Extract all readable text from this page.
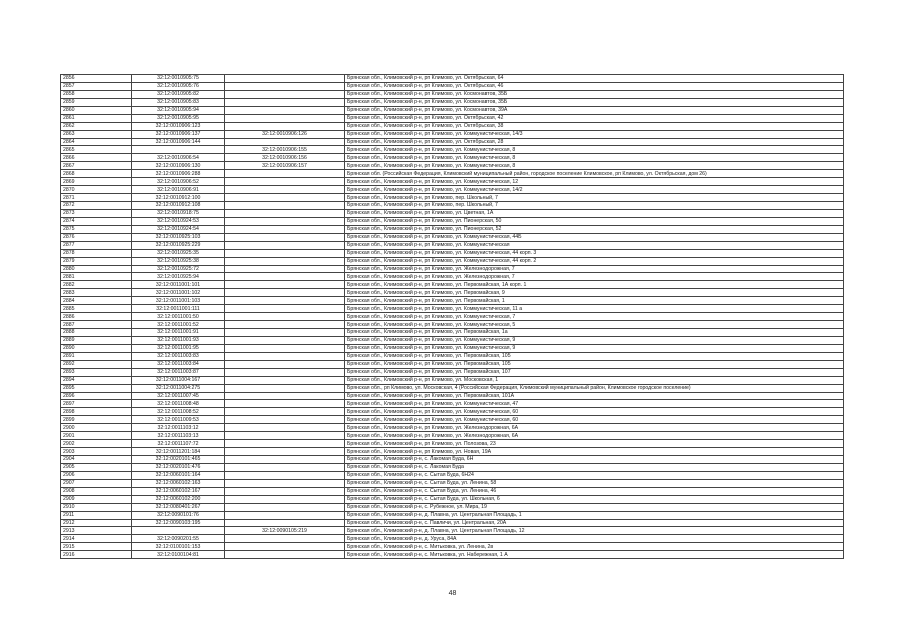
2856	32:12:0010905:75		Брянская обл., Климовский р-н, рп Климово, ул. Октябрьская, 64
2857	32:12:0010905:76		Брянская обл., Климовский р-н, рп Климово, ул. Октябрьская, 46
2858	32:12:0010905:82		Брянская обл., Климовский р-н, рп Климово, ул. Космонавтов, 35Б
2859	32:12:0010905:83		Брянская обл., Климовский р-н, рп Климово, ул. Космонавтов, 35Б
2860	32:12:0010905:94		Брянская обл., Климовский р-н, рп Климово, ул. Космонавтов, 39А
2861	32:12:0010905:95		Брянская обл., Климовский р-н, рп Климово, ул. Октябрьская, 42
2862	32:12:0010906:123		Брянская обл., Климовский р-н, рп Климово, ул. Октябрьская, 38
2863	32:12:0010906:137	32:12:0010906:126	Брянская обл., Климовский р-н, рп Климово, ул. Коммунистическая, 14/3
2864	32:12:0010906:144		Брянская обл., Климовский р-н, рп Климово, ул. Октябрьская, 28
2865		32:12:0010906:155	Брянская обл., Климовский р-н, рп Климово, ул. Коммунистическая, 8
2866	32:12:0010906:54	32:12:0010906:156	Брянская обл., Климовский р-н, рп Климово, ул. Коммунистическая, 8
2867	32:12:0010906:130	32:12:0010906:157	Брянская обл., Климовский р-н, рп Климово, ул. Коммунистическая, 8
2868	32:12:0010906:288		Брянская обл. (Российская Федерация, Климовский муниципальный район, городское поселение Климовское, рп Климово, ул. Октябрьская, дом 26)
2869	32:12:0010906:52		Брянская обл., Климовский р-н, рп Климово, ул. Коммунистическая, 12
2870	32:12:0010906:91		Брянская обл., Климовский р-н, рп Климово, ул. Коммунистическая, 14/2
2871	32:12:0010912:100		Брянская обл., Климовский р-н, рп Климово, пер. Школьный, 7
2872	32:12:0010912:108		Брянская обл., Климовский р-н, рп Климово, пер. Школьный, 7
2873	32:12:0010918:75		Брянская обл., Климовский р-н, рп Климово, ул. Цветная, 1А
2874	32:12:0010924:53		Брянская обл., Климовский р-н, рп Климово, ул. Пионерская, 50
2875	32:12:0010924:54		Брянская обл., Климовский р-н, рп Климово, ул. Пионерская, 52
2876	32:12:0010925:103		Брянская обл., Климовский р-н, рп Климово, ул. Коммунистическая, 44Б
2877	32:12:0010925:229		Брянская обл., Климовский р-н, рп Климово, ул. Коммунистическая
2878	32:12:0010925:35		Брянская обл., Климовский р-н, рп Климово, ул. Коммунистическая, 44 корп. 3
2879	32:12:0010925:38		Брянская обл., Климовский р-н, рп Климово, ул. Коммунистическая, 44 корп. 2
2880	32:12:0010925:72		Брянская обл., Климовский р-н, рп Климово, ул. Железнодорожная, 7
2881	32:12:0010925:94		Брянская обл., Климовский р-н, рп Климово, ул. Железнодорожная, 7
2882	32:12:0011001:101		Брянская обл., Климовский р-н, рп Климово, ул. Первомайская, 1А корп. 1
2883	32:12:0011001:102		Брянская обл., Климовский р-н, рп Климово, ул. Первомайская, 9
2884	32:12:0011001:103		Брянская обл., Климовский р-н, рп Климово, ул. Первомайская, 1
2885	32:12:0011001:111		Брянская обл., Климовский р-н, рп Климово, ул. Коммунистическая, 11 а
2886	32:12:0011001:50		Брянская обл., Климовский р-н, рп Климово, ул. Коммунистическая, 7
2887	32:12:0011001:52		Брянская обл., Климовский р-н, рп Климово, ул. Коммунистическая, 5
2888	32:12:0011001:91		Брянская обл., Климовский р-н, рп Климово, ул. Первомайская, 1а
2889	32:12:0011001:93		Брянская обл., Климовский р-н, рп Климово, ул. Коммунистическая, 9
2890	32:12:0011001:95		Брянская обл., Климовский р-н, рп Климово, ул. Коммунистическая, 9
2891	32:12:0011003:83		Брянская обл., Климовский р-н, рп Климово, ул. Первомайская, 105
2892	32:12:0011003:84		Брянская обл., Климовский р-н, рп Климово, ул. Первомайская, 105
2893	32:12:0011003:87		Брянская обл., Климовский р-н, рп Климово, ул. Первомайская, 107
2894	32:12:0011004:167		Брянская обл., Климовский р-н, рп Климово, ул. Московская, 1
2895	32:12:0011004:275		Брянская обл., рп Климово, ул. Московская, 4 (Российская Федерация, Климовский муниципальный район, Климовское городское поселение)
2896	32:12:0011007:45		Брянская обл., Климовский р-н, рп Климово, ул. Первомайская, 101А
2897	32:12:0011008:48		Брянская обл., Климовский р-н, рп Климово, ул. Коммунистическая, 47
2898	32:12:0011008:52		Брянская обл., Климовский р-н, рп Климово, ул. Коммунистическая, 60
2899	32:12:0011009:53		Брянская обл., Климовский р-н, рп Климово, ул. Коммунистическая, 60
2900	32:12:0011103:12		Брянская обл., Климовский р-н, рп Климово, ул. Железнодорожная, 6А
2901	32:12:0011103:13		Брянская обл., Климовский р-н, рп Климово, ул. Железнодорожная, 6А
2902	32:12:0011107:72		Брянская обл., Климовский р-н, рп Климово, ул. Полозова, 23
2903	32:12:0011201:184		Брянская обл., Климовский р-н, рп Климово, ул. Новая, 19А
2904	32:12:0020101:465		Брянская обл., Климовский р-н, с. Лакомая Буда, 6Н
2905	32:12:0020101:476		Брянская обл., Климовский р-н, с. Лакомая Буда
2906	32:12:0060101:164		Брянская обл., Климовский р-н, с. Сытая Буда, 6Н24
2907	32:12:0060102:163		Брянская обл., Климовский р-н, с. Сытая Буда, ул. Ленина, 58
2908	32:12:0060102:167		Брянская обл., Климовский р-н, с. Сытая Буда, ул. Ленина, 46
2909	32:12:0060102:200		Брянская обл., Климовский р-н, с. Сытая Буда, ул. Школьная, 6
2910	32:12:0080401:267		Брянская обл., Климовский р-н, с. Рубежное, ул. Мира, 19
2911	32:12:0090101:76		Брянская обл., Климовский р-н, д. Плавна, ул. Центральная Площадь, 1
2912	32:12:0090103:195		Брянская обл., Климовский р-н, с. Павличи, ул. Центральная, 20А
2913		32:12:0090105:219	Брянская обл., Климовский р-н, д. Плавна, ул. Центральная Площадь, 12
2914	32:12:0090201:55		Брянская обл., Климовский р-н, д. Уруса, 84А
2915	32:12:0100101:153		Брянская обл., Климовский р-н, с. Митьковка, ул. Ленина, 2в
2916	32:12:0100104:81		Брянская обл., Климовский р-н, с. Митьковка, ул. Набережная, 1 А
48
